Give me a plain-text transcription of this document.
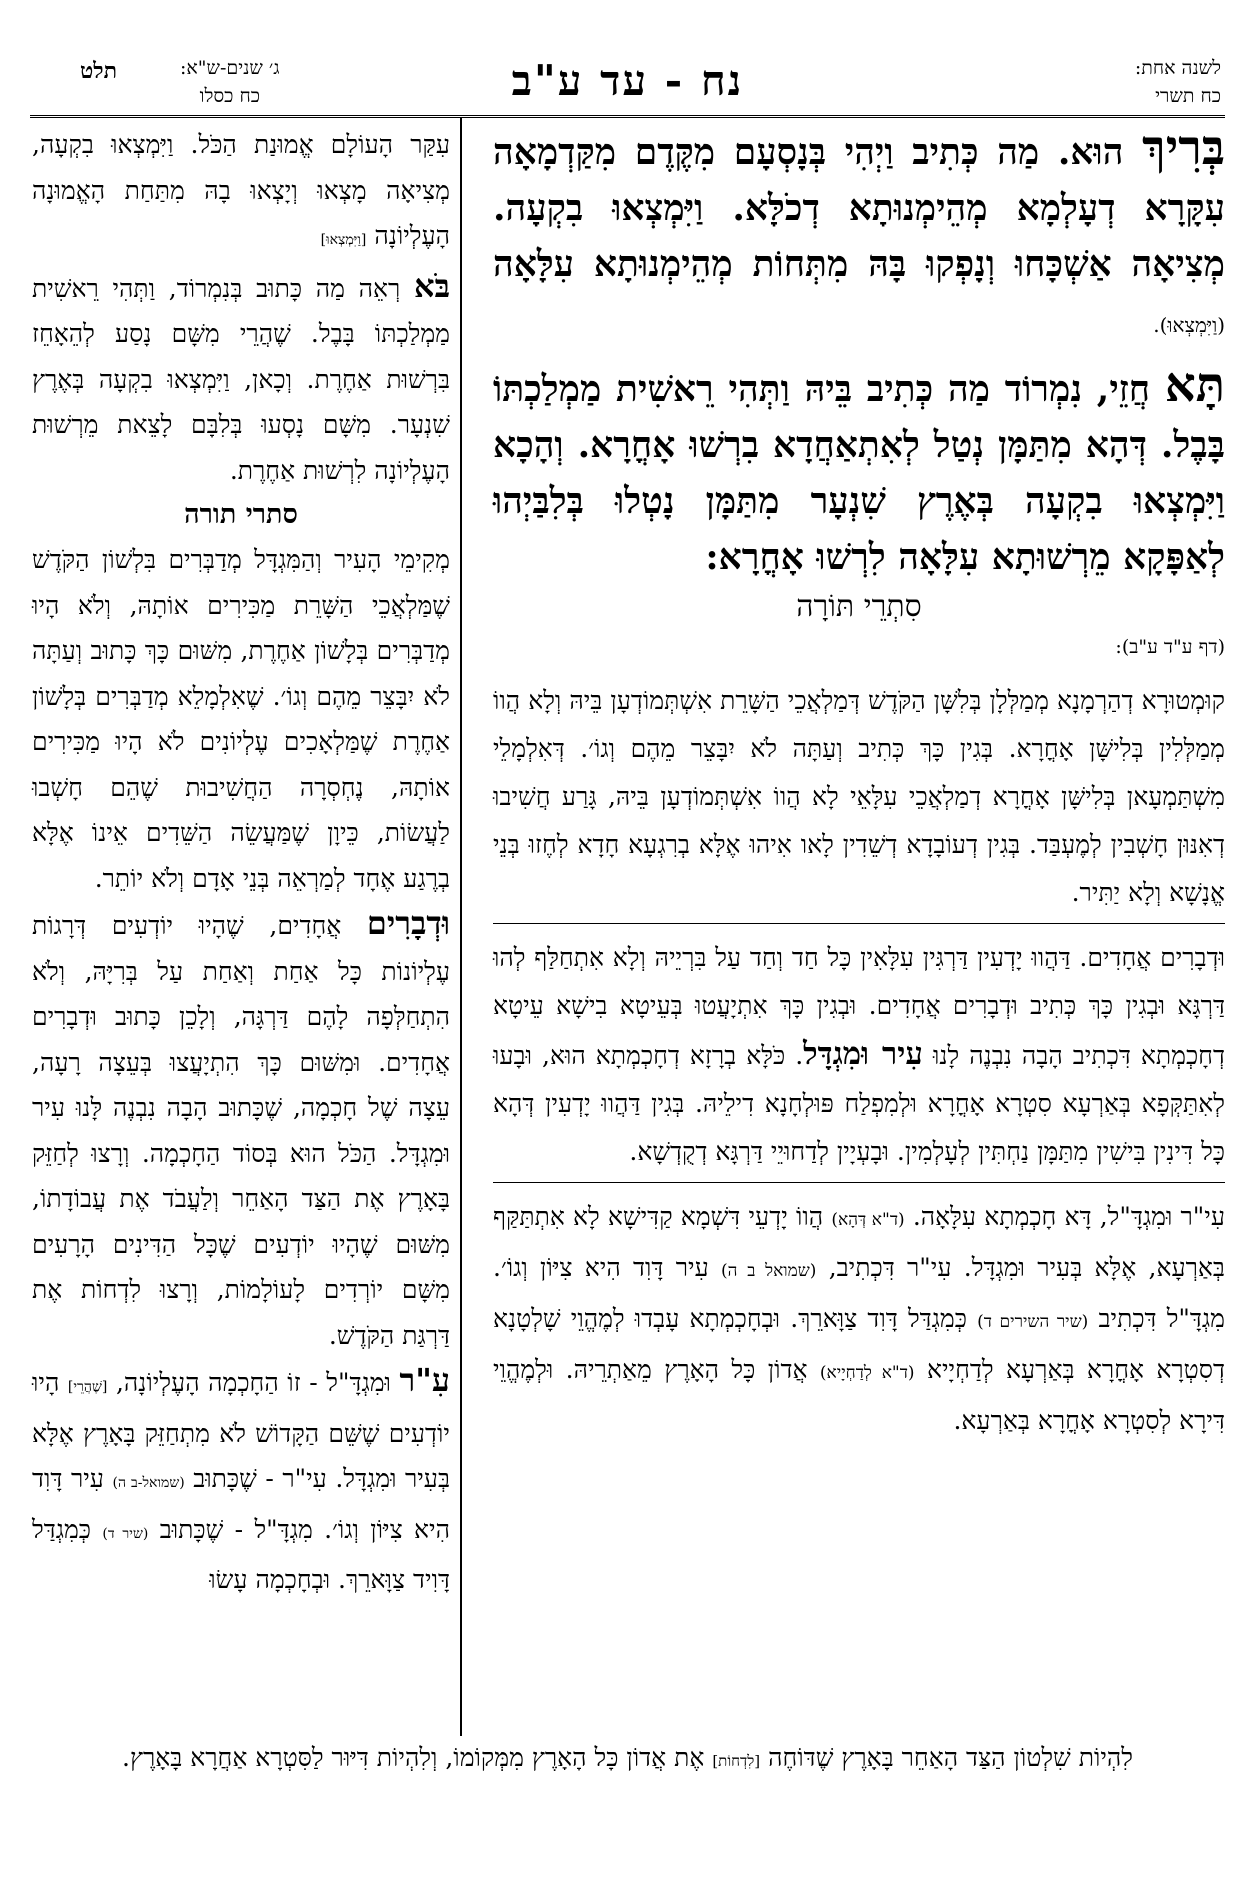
לשנה אחת:
כח תשרי
נח - עד ע"ב
ג׳ שנים-ש"א:
כח כסלו
תלט

בְּרִיךְ הוּא. מַה כְּתִיב וַיְהִי בְּנָסְעָם מִקֶּדֶם מִקַּדְמָאָה עִקָּרָא דְעָלְמָא מְהֵימְנוּתָא דְכֹלָּא. וַיִּמְצְאוּ בִקְעָה. מְצִיאָה אַשְׁכָּחוּ וְנָפְקוּ בָּהּ מִתְּחוֹת מְהֵימְנוּתָא עִלָּאָה (וַיִּמְצְאוּ).

תָּא חֲזֵי, נִמְרוֹד מַה כְּתִיב בֵּיהּ וַתְּהִי רֵאשִׁית מַמְלַכְתּוֹ בָּבֶל. דְּהָא מִתַּמָּן נְטַל לְאִתְאַחֲדָא בִרְשׁוּ אָחֳרָא. וְהָכָא וַיִּמְצְאוּ בִקְעָה בְּאֶרֶץ שִׁנְעָר מִתַּמָּן נָטְלוּ בְּלִבַּיְהוּ לְאַפָּקָא מֵרְשׁוּתָא עִלָּאָה לִרְשׁוּ אָחֳרָא:

סִתְרֵי תּוֹרָה
(דף ע"ד ע"ב):

קוּמְטוּרָא דְהַרְמָנָא מְמַלְּלָן בְּלִשָּׁן הַקֹּדֶשׁ דְּמַלְאֲכֵי הַשָּׁרֵת אִשְׁתְּמוֹדְעָן בֵּיהּ וְלָא הֲווֹ מְמַלְּלִין בְּלִישָּׁן אָחֳרָא. בְּגִין כָּךְ כְּתִיב וְעַתָּה לֹא יִבָּצֵר מֵהֶם וְגוֹ׳. דְּאִלְמָלֵי מִשְׁתַּמְעָאן בְּלִישָּׁן אָחֳרָא דְמַלְאֲכֵי עִלָּאֵי לָא הֲווֹ אִשְׁתְּמוֹדְעָן בֵּיהּ, גָּרַע חֲשִׁיבוּ דְאִנּוּן חָשְׁבִין לְמֶעְבַּד. בְּגִין דְעוֹבָדָא דְשֵׁדִין לָאו אִיהוּ אֶלָּא בְרִגְעָא חָדָא לְחֶזוּ בְּנֵי אֱנָשָׁא וְלָא יַתִּיר.

וּדְבָרִים אֲחָדִים. דַּהֲווּ יָדְעִין דַּרְגִּין עִלָּאִין כָּל חַד וְחַד עַל בִּרְיֵיהּ וְלָא אִתְחַלַּף לְהוּ דַּרְגָּא וּבְגִין כָּךְ כְּתִיב וּדְבָרִים אֲחָדִים. וּבְגִין כָּךְ אִתְיָעֲטוּ בְּעֵיטָא בִישָׁא עֵיטָא דְחָכְמְתָא דִּכְתִיב הָבָה נִבְנֶה לָנוּ עִיר וּמִגְדָּל. כֹּלָּא בְרָזָא דְחָכְמְתָא הוּא, וּבָעוּ לְאִתַּקְּפָא בְּאַרְעָא סִטְרָא אָחֳרָא וּלְמִפְלַח פּוּלְחָנָא דִילֵיהּ. בְּגִין דַּהֲווּ יָדְעִין דְּהָא כָּל דִּינִין בִּישִׁין מִתַּמָּן נַחְתִּין לְעָלְמִין. וּבָעְיָין לְדַחוּיֵי דַּרְגָּא דְקֻדְשָׁא.

עִי"ר וּמִגְדָּ"ל, דָּא חָכְמְתָא עִלָּאָה. (ד"א דְּהָא) הֲווֹ יָדְעֵי דִּשְׁמָא קַדִּישָׁא לָא אִתְתַּקַּף בְּאַרְעָא, אֶלָּא בְּעִיר וּמִגְדָּל. עִי"ר דִּכְתִיב, (שמואל ב ה) עִיר דָּוִד הִיא צִיּוֹן וְגוֹ׳. מִגְדָּ"ל דִּכְתִיב (שיר השירים ד) כְּמִגְדַּל דָּוִד צַוָּארֵךְ. וּבְחָכְמְתָא עָבְדוּ לְמֶהֱוֵי שָׁלְטָנָא דְסִטְרָא אָחֳרָא בְּאַרְעָא לְדַחְיָיא (ד"א לְדַחְיָיא) אֲדוֹן כָּל הָאָרֶץ מֵאַתְרֵיהּ. וּלְמֶהֱוֵי דִּירָא לְסִטְרָא אָחֳרָא בְּאַרְעָא.

עִקַּר הָעוֹלָם אֱמוּנַת הַכֹּל. וַיִּמְצְאוּ בִקְעָה, מְצִיאָה מָצְאוּ וְיָצְאוּ בָהּ מִתַּחַת הָאֱמוּנָה הָעֶלְיוֹנָה [וַיִּמְצְאוּ]

בֹּא רְאֵה מַה כָּתוּב בְּנִמְרוֹד, וַתְּהִי רֵאשִׁית מַמְלַכְתּוֹ בָּבֶל. שֶׁהֲרֵי מִשָּׁם נָסַע לְהֵאָחֵז בִּרְשׁוּת אַחֶרֶת. וְכָאן, וַיִּמְצְאוּ בִקְעָה בְּאֶרֶץ שִׁנְעָר. מִשָּׁם נָסְעוּ בְּלִבָּם לָצֵאת מֵרְשׁוּת הָעֶלְיוֹנָה לִרְשׁוּת אַחֶרֶת.

סתרי תורה

מְקִימֵי הָעִיר וְהַמִּגְדָּל מְדַבְּרִים בִּלְשׁוֹן הַקֹּדֶשׁ שֶׁמַּלְאֲכֵי הַשָּׁרֵת מַכִּירִים אוֹתָהּ, וְלֹא הָיוּ מְדַבְּרִים בְּלָשׁוֹן אַחֶרֶת, מִשּׁוּם כָּךְ כָּתוּב וְעַתָּה לֹא יִבָּצֵר מֵהֶם וְגוֹ׳. שֶׁאִלְמָלֵא מְדַבְּרִים בְּלָשׁוֹן אַחֶרֶת שֶׁמַּלְאָכִים עֶלְיוֹנִים לֹא הָיוּ מַכִּירִים אוֹתָהּ, נֶחְסְרָה הַחֲשִׁיבוּת שֶׁהֵם חָשְׁבוּ לַעֲשׂוֹת, כֵּיוָן שֶׁמַּעֲשֵׂה הַשֵּׁדִים אֵינוֹ אֶלָּא בְרֶגַע אֶחָד לְמַרְאֵה בְּנֵי אָדָם וְלֹא יוֹתֵר.

וּדְבָרִים אֲחָדִים, שֶׁהָיוּ יוֹדְעִים דְּרָגוֹת עֶלְיוֹנוֹת כָּל אַחַת וְאַחַת עַל בְּרִיָּהּ, וְלֹא הִתְחַלְּפָה לָהֶם דַּרְגָּה, וְלָכֵן כָּתוּב וּדְבָרִים אֲחָדִים. וּמִשּׁוּם כָּךְ הִתְיָעֲצוּ בְּעֵצָה רָעָה, עֵצָה שֶׁל חָכְמָה, שֶׁכָּתוּב הָבָה נִבְנֶה לָּנוּ עִיר וּמִגְדָּל. הַכֹּל הוּא בְּסוֹד הַחָכְמָה. וְרָצוּ לְחַזֵּק בָּאָרֶץ אֶת הַצַּד הָאַחֵר וְלַעֲבֹד אֶת עֲבוֹדָתוֹ, מִשּׁוּם שֶׁהָיוּ יוֹדְעִים שֶׁכָּל הַדִּינִים הָרָעִים מִשָּׁם יוֹרְדִים לָעוֹלָמוֹת, וְרָצוּ לִדְחוֹת אֶת דַּרְגַּת הַקֹּדֶשׁ.

עִ"ר וּמִגְדָּ"ל - זוֹ הַחָכְמָה הָעֶלְיוֹנָה, [שֶׁהֲרֵי] הָיוּ יוֹדְעִים שֶׁשֵּׁם הַקָּדוֹשׁ לֹא מִתְחַזֵּק בָּאָרֶץ אֶלָּא בְּעִיר וּמִגְדָּל. עִי"ר - שֶׁכָּתוּב (שמואל-ב ה) עִיר דָּוִד הִיא צִיּוֹן וְגוֹ׳. מִגְדָּ"ל - שֶׁכָּתוּב (שיר ד) כְּמִגְדַּל דָּוִיד צַוָּארֵךְ. וּבְחָכְמָה עָשׂוּ

לִהְיוֹת שִׁלְטוֹן הַצַּד הָאַחֵר בָּאָרֶץ שֶׁדּוֹחֶה [לִדְחוֹת] אֶת אֲדוֹן כָּל הָאָרֶץ מִמְּקוֹמוֹ, וְלִהְיוֹת דִּיּוּר לַסִּטְרָא אַחֲרָא בָּאָרֶץ.
